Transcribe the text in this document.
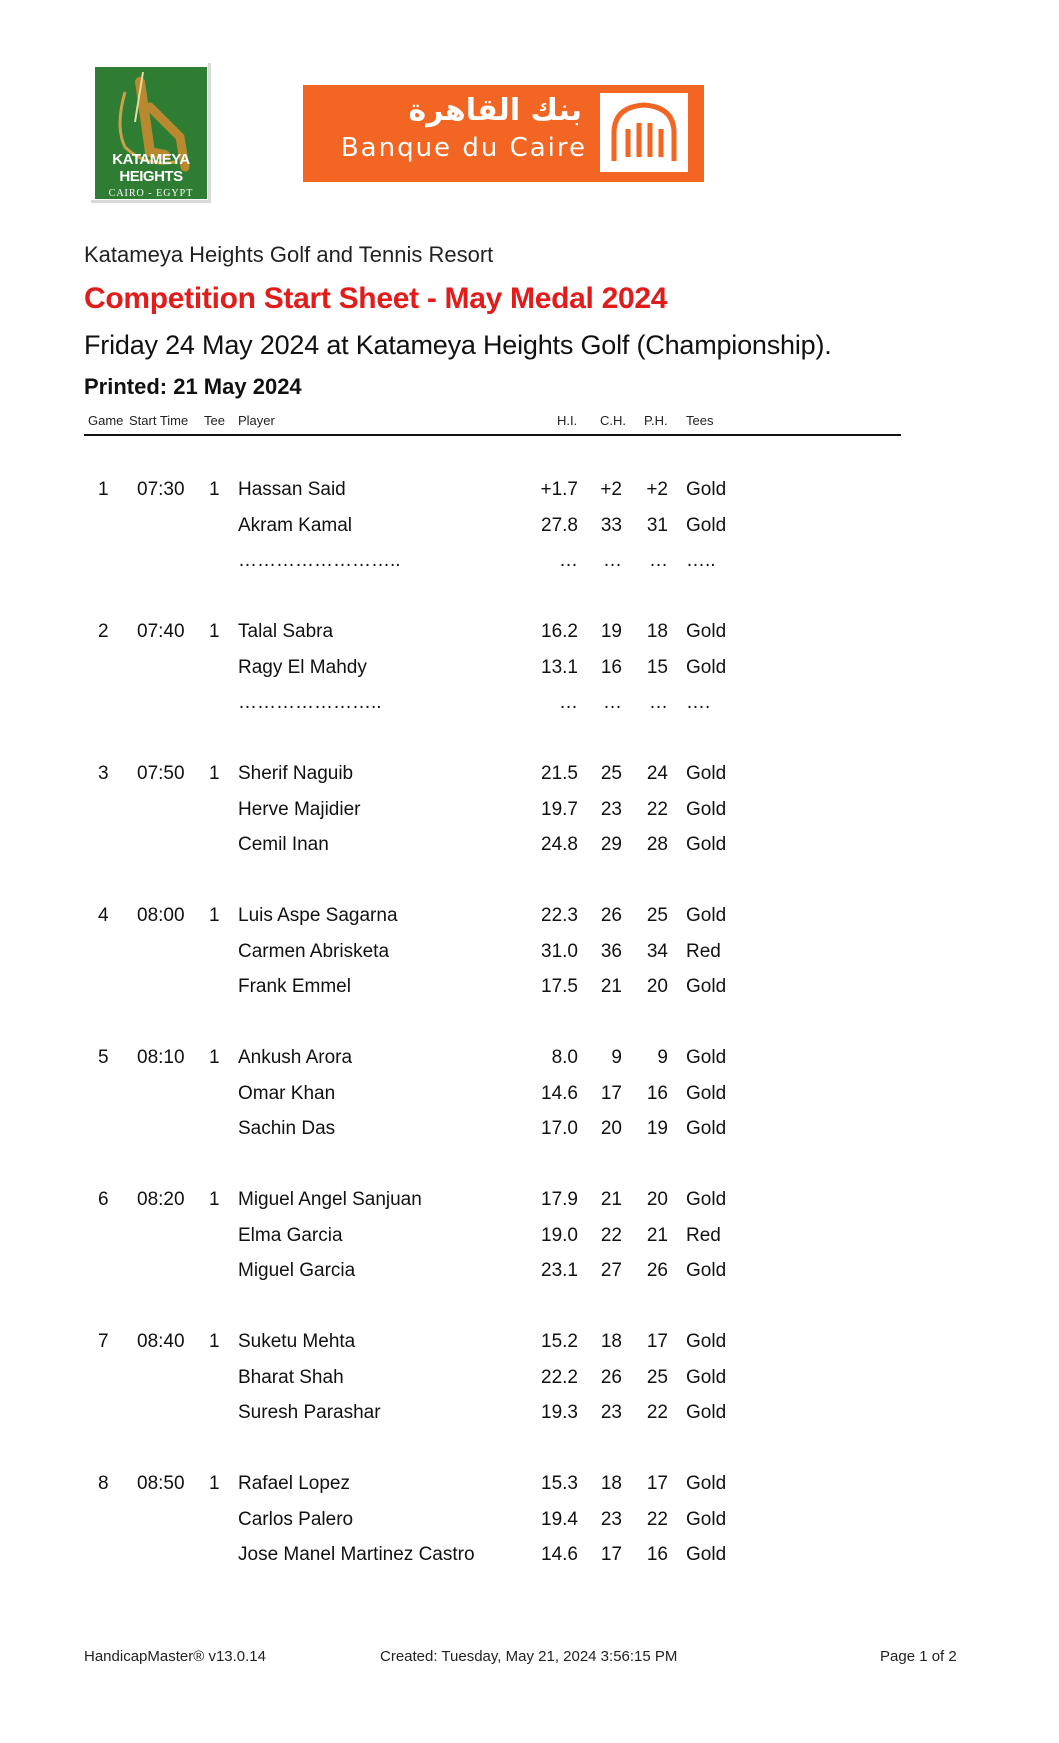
KATAMEYA HEIGHTS
CAIRO - EGYPT
بنك القاهرة
Banque du Caire
Katameya Heights Golf and Tennis Resort
Competition Start Sheet - May Medal 2024
Friday 24 May 2024 at Katameya Heights Golf (Championship).
Printed: 21 May 2024
Game Start Time Tee Player	H.I. C.H. P.H. Tees
1 07:30 1 Hassan Said	+1.7	+2	+2 Gold
Akram Kamal	27.8	33	31 Gold
……………………..	…	…	… …..
2 07:40 1 Talal Sabra	16.2	19	18 Gold
Ragy El Mahdy	13.1	16	15 Gold
…………………..	…	…	… ….
3 07:50 1 Sherif Naguib	21.5	25	24 Gold
Herve Majidier	19.7	23	22 Gold
Cemil Inan	24.8	29	28 Gold
4 08:00 1 Luis Aspe Sagarna	22.3	26	25 Gold
Carmen Abrisketa	31.0	36	34 Red
Frank Emmel	17.5	21	20 Gold
5 08:10 1 Ankush Arora	8.0	9	9 Gold
Omar Khan	14.6	17	16 Gold
Sachin Das	17.0	20	19 Gold
6 08:20 1 Miguel Angel Sanjuan	17.9	21	20 Gold
Elma Garcia	19.0	22	21 Red
Miguel Garcia	23.1	27	26 Gold
7 08:40 1 Suketu Mehta	15.2	18	17 Gold
Bharat Shah	22.2	26	25 Gold
Suresh Parashar	19.3	23	22 Gold
8 08:50 1 Rafael Lopez	15.3	18	17 Gold
Carlos Palero	19.4	23	22 Gold
Jose Manel Martinez Castro	14.6	17	16 Gold
HandicapMaster® v13.0.14	Created: Tuesday, May 21, 2024 3:56:15 PM	Page 1 of 2
